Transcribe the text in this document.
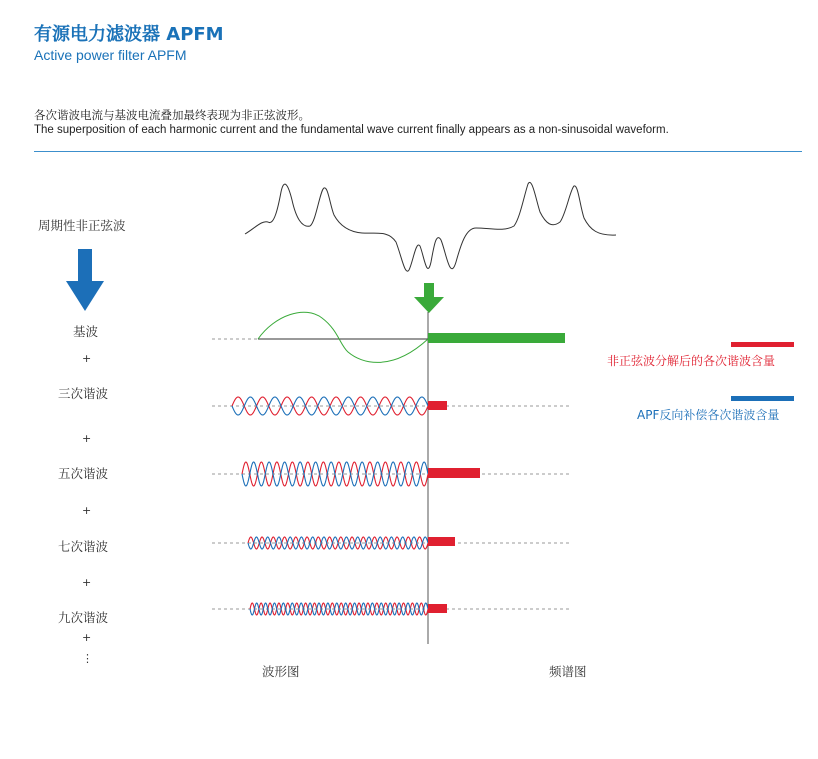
有源电力滤波器 APFM
Active power filter APFM
各次谐波电流与基波电流叠加最终表现为非正弦波形。
The superposition of each harmonic current and the fundamental wave current finally appears as a non-sinusoidal waveform.
周期性非正弦波
基波
+
三次谐波
+
五次谐波
+
七次谐波
+
九次谐波
+
⋮
波形图	频谱图
非正弦波分解后的各次谐波含量
APF反向补偿各次谐波含量
